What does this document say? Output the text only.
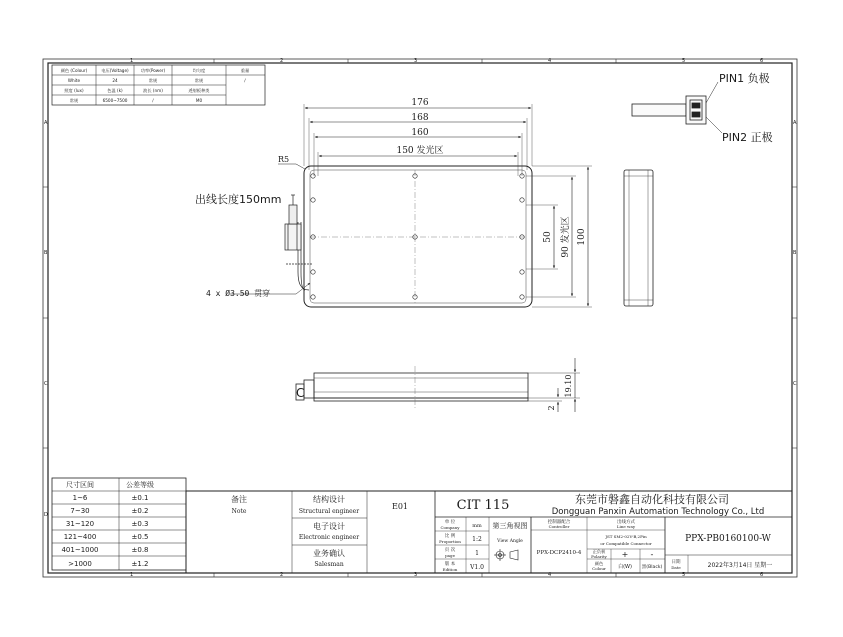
1	2	3	4	5	6
1	2	3	4	5	6
A
B
C
D
A
B
C
颜色 (Colour)	电压(Voltage)	功率(Power)	均匀度	重量
White	24	常规	常规	/
照度 (lux)	色温 (k)	波长 (nm)	透射板种类
常规	6500~7500	/	M0
4 x Ø3.50 贯穿
出线长度150mm
R5
176
168
160
150 发光区
100
90 发光区
50
PIN1 负极
PIN2 正极
C	19.10
2
尺寸区间	公差等级
1~6	±0.1
7~30	±0.2
31~120	±0.3
121~400	±0.5
401~1000	±0.8
>1000	±1.2
备注
Note
结构设计
Structural engineer
电子设计
Electronic engineer
业务确认
Salesman
E01	CIT 115	东莞市磐鑫自动化科技有限公司
Dongguan Panxin Automation Technology Co., Ltd
单 位
Company	mm
比 例
Proportion 1:2
页 次
page	1
版 本
Edition V1.0
第三角视图
View Angle
控制器配合
Controller
PPX-DCP2410-4
出线方式
Line way
JST SM2-02V-B,2Pin
or Compatible Connector
正负极
Polarity +	-
颜色
Colour 白(W) 黑(Black)
PPX-PB0160100-W
日期
Date	2022年3月14日 星期一
